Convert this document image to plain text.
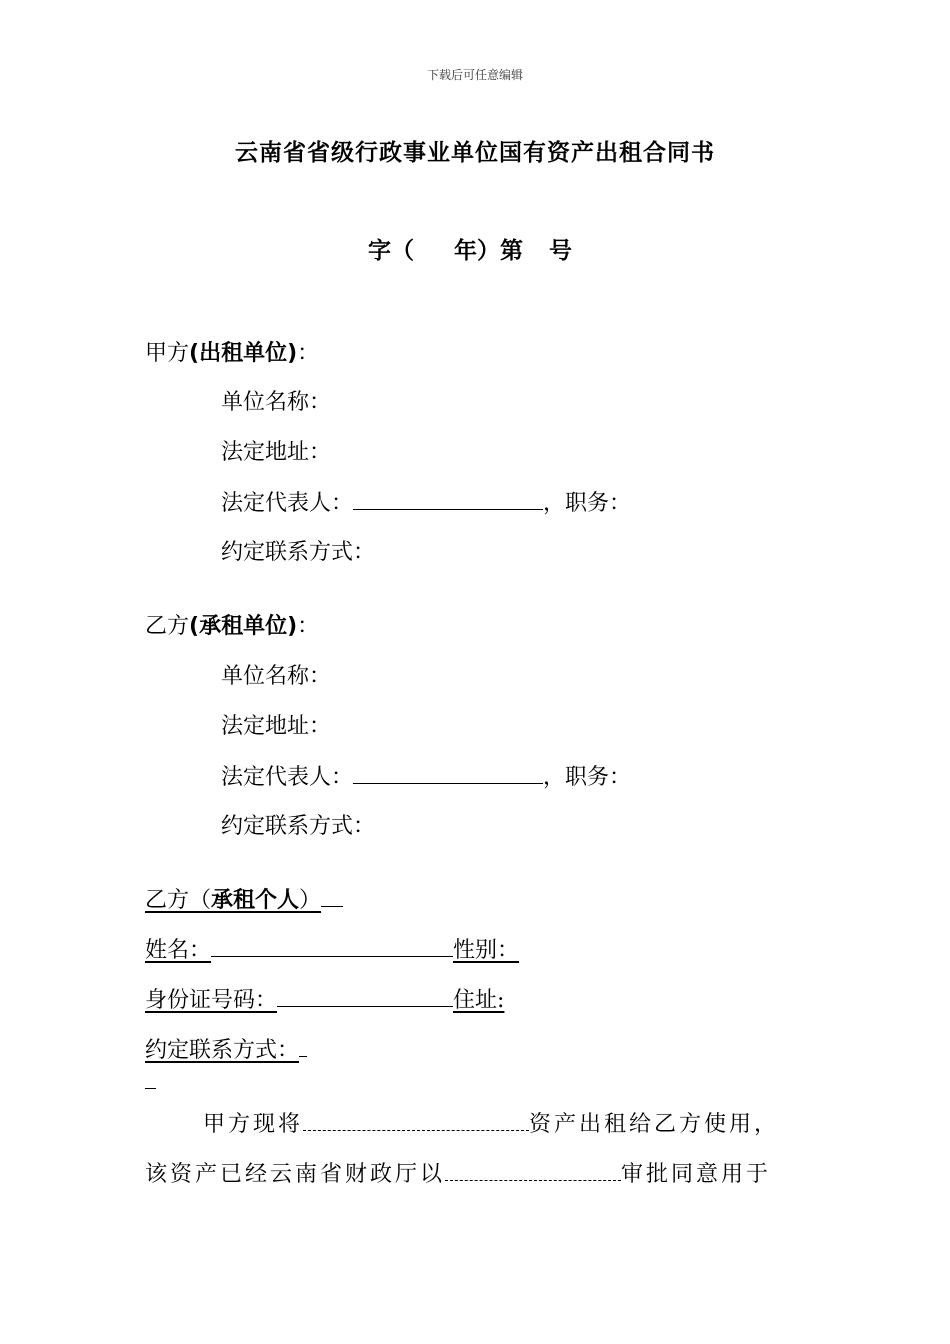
下载后可任意编辑
云南省省级行政事业单位国有资产出租合同书
字（ 年）第 号
甲方(出租单位)：
单位名称：
法定地址：
法定代表人：	，职务：
约定联系方式：
乙方(承租单位)：
单位名称：
法定地址：
法定代表人：	，职务：
约定联系方式：
乙方（承租个人）
姓名：	性别：
身份证号码：	住址:
约定联系方式：
甲方现将	资产出租给乙方使用，
该资产已经云南省财政厅以	审批同意用于
